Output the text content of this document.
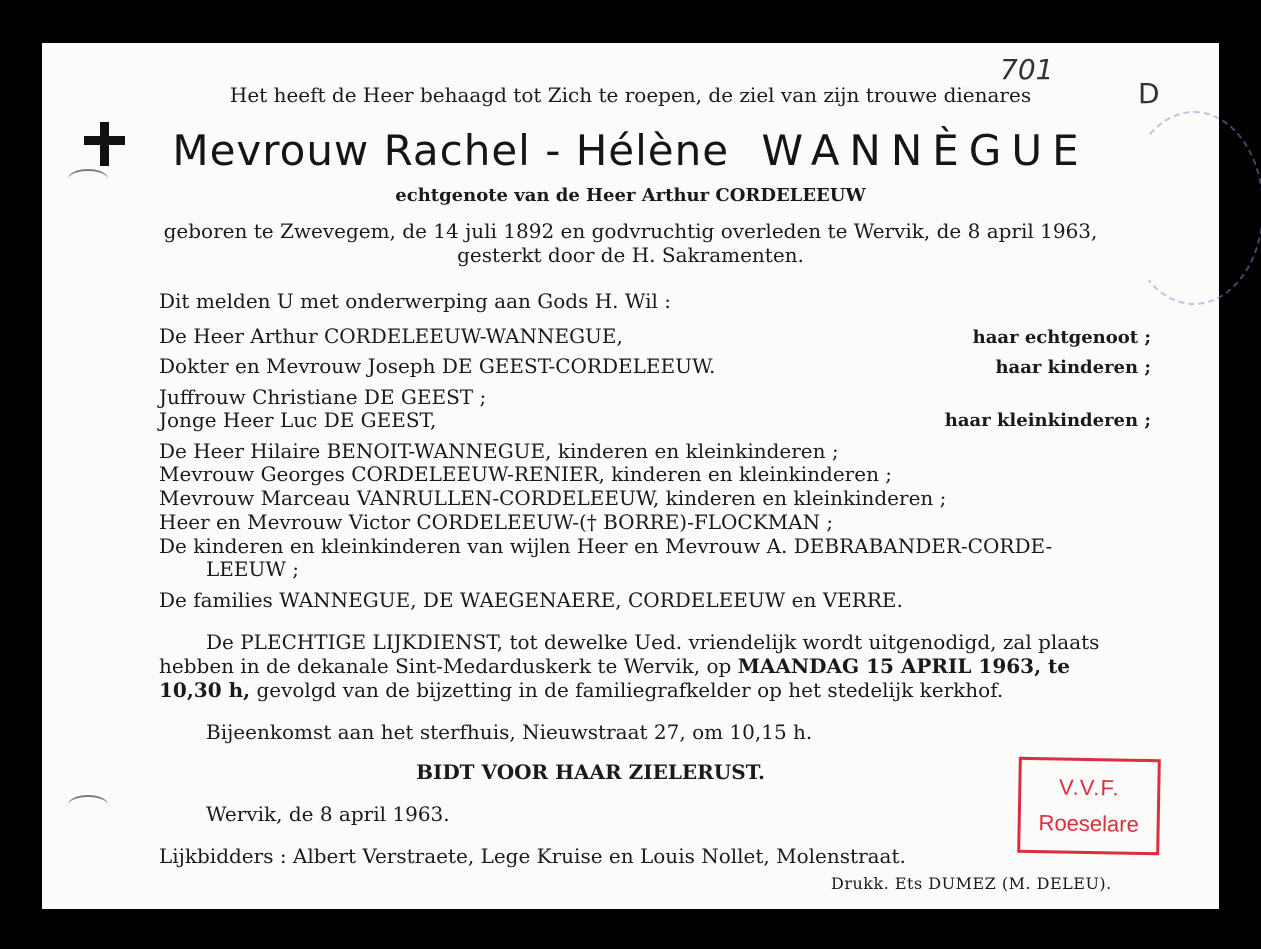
701
D
Het heeft de Heer behaagd tot Zich te roepen, de ziel van zijn trouwe dienares
Mevrouw Rachel - Hélène WANNÈGUE
echtgenote van de Heer Arthur CORDELEEUW
geboren te Zwevegem, de 14 juli 1892 en godvruchtig overleden te Wervik, de 8 april 1963,
gesterkt door de H. Sakramenten.
Dit melden U met onderwerping aan Gods H. Wil :
De Heer Arthur CORDELEEUW-WANNEGUE,	haar echtgenoot ;
Dokter en Mevrouw Joseph DE GEEST-CORDELEEUW.	haar kinderen ;
Juffrouw Christiane DE GEEST ;
Jonge Heer Luc DE GEEST,	haar kleinkinderen ;
De Heer Hilaire BENOIT-WANNEGUE, kinderen en kleinkinderen ;
Mevrouw Georges CORDELEEUW-RENIER, kinderen en kleinkinderen ;
Mevrouw Marceau VANRULLEN-CORDELEEUW, kinderen en kleinkinderen ;
Heer en Mevrouw Victor CORDELEEUW-(† BORRE)-FLOCKMAN ;
De kinderen en kleinkinderen van wijlen Heer en Mevrouw A. DEBRABANDER-CORDE-
LEEUW ;
De families WANNEGUE, DE WAEGENAERE, CORDELEEUW en VERRE.
De PLECHTIGE LIJKDIENST, tot dewelke Ued. vriendelijk wordt uitgenodigd, zal plaats
hebben in de dekanale Sint-Medarduskerk te Wervik, op MAANDAG 15 APRIL 1963, te
10,30 h, gevolgd van de bijzetting in de familiegrafkelder op het stedelijk kerkhof.
Bijeenkomst aan het sterfhuis, Nieuwstraat 27, om 10,15 h.
BIDT VOOR HAAR ZIELERUST.
Wervik, de 8 april 1963.
Lijkbidders : Albert Verstraete, Lege Kruise en Louis Nollet, Molenstraat.
Drukk. Ets DUMEZ (M. DELEU).
V.V.F.
Roeselare
